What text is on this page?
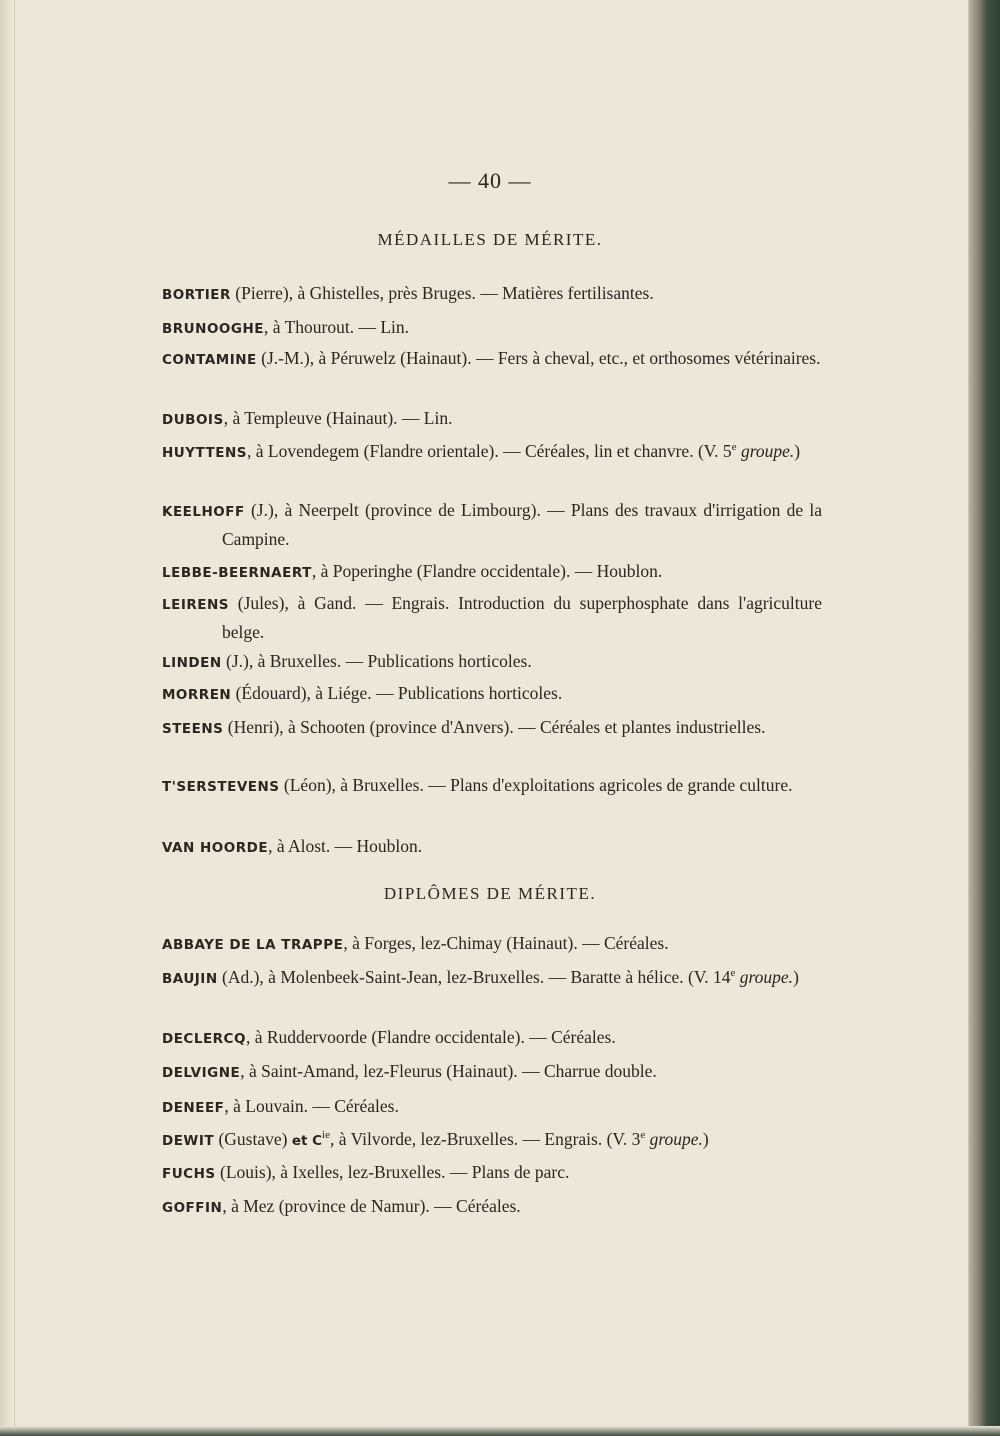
— 40 —
MÉDAILLES DE MÉRITE.
BORTIER (Pierre), à Ghistelles, près Bruges. — Matières fertilisantes.
BRUNOOGHE, à Thourout. — Lin.
CONTAMINE (J.-M.), à Péruwelz (Hainaut). — Fers à cheval, etc., et orthosomes vétérinaires.
DUBOIS, à Templeuve (Hainaut). — Lin.
HUYTTENS, à Lovendegem (Flandre orientale). — Céréales, lin et chanvre. (V. 5e groupe.)
KEELHOFF (J.), à Neerpelt (province de Limbourg). — Plans des travaux d'irrigation de la Campine.
LEBBE-BEERNAERT, à Poperinghe (Flandre occidentale). — Houblon.
LEIRENS (Jules), à Gand. — Engrais. Introduction du superphosphate dans l'agriculture belge.
LINDEN (J.), à Bruxelles. — Publications horticoles.
MORREN (Édouard), à Liége. — Publications horticoles.
STEENS (Henri), à Schooten (province d'Anvers). — Céréales et plantes industrielles.
T'SERSTEVENS (Léon), à Bruxelles. — Plans d'exploitations agricoles de grande culture.
VAN HOORDE, à Alost. — Houblon.
DIPLÔMES DE MÉRITE.
ABBAYE DE LA TRAPPE, à Forges, lez-Chimay (Hainaut). — Céréales.
BAUJIN (Ad.), à Molenbeek-Saint-Jean, lez-Bruxelles. — Baratte à hélice. (V. 14e groupe.)
DECLERCQ, à Ruddervoorde (Flandre occidentale). — Céréales.
DELVIGNE, à Saint-Amand, lez-Fleurus (Hainaut). — Charrue double.
DENEEF, à Louvain. — Céréales.
DEWIT (Gustave) et $C^{ie}$, à Vilvorde, lez-Bruxelles. — Engrais. (V. 3e groupe.)
FUCHS (Louis), à Ixelles, lez-Bruxelles. — Plans de parc.
GOFFIN, à Mez (province de Namur). — Céréales.
